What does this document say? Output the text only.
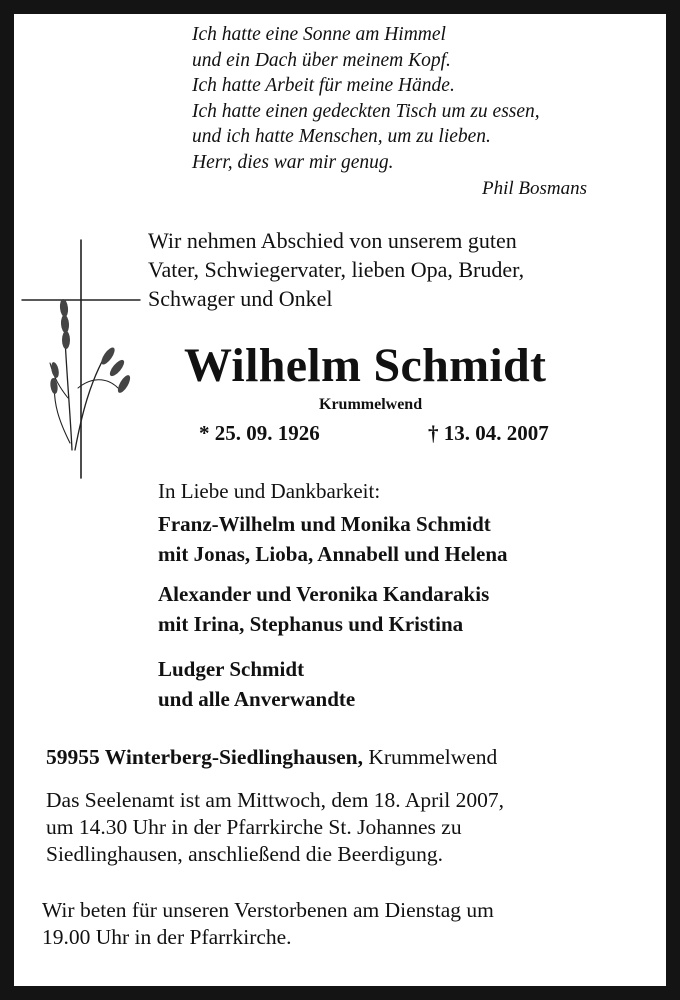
Ich hatte eine Sonne am Himmel
und ein Dach über meinem Kopf.
Ich hatte Arbeit für meine Hände.
Ich hatte einen gedeckten Tisch um zu essen,
und ich hatte Menschen, um zu lieben.
Herr, dies war mir genug.
Phil Bosmans
Wir nehmen Abschied von unserem guten
Vater, Schwiegervater, lieben Opa, Bruder,
Schwager und Onkel
Wilhelm Schmidt
Krummelwend
* 25. 09. 1926	† 13. 04. 2007
In Liebe und Dankbarkeit:
Franz-Wilhelm und Monika Schmidt
mit Jonas, Lioba, Annabell und Helena
Alexander und Veronika Kandarakis
mit Irina, Stephanus und Kristina
Ludger Schmidt
und alle Anverwandte
59955 Winterberg-Siedlinghausen, Krummelwend
Das Seelenamt ist am Mittwoch, dem 18. April 2007,
um 14.30 Uhr in der Pfarrkirche St. Johannes zu
Siedlinghausen, anschließend die Beerdigung.
Wir beten für unseren Verstorbenen am Dienstag um
19.00 Uhr in der Pfarrkirche.
